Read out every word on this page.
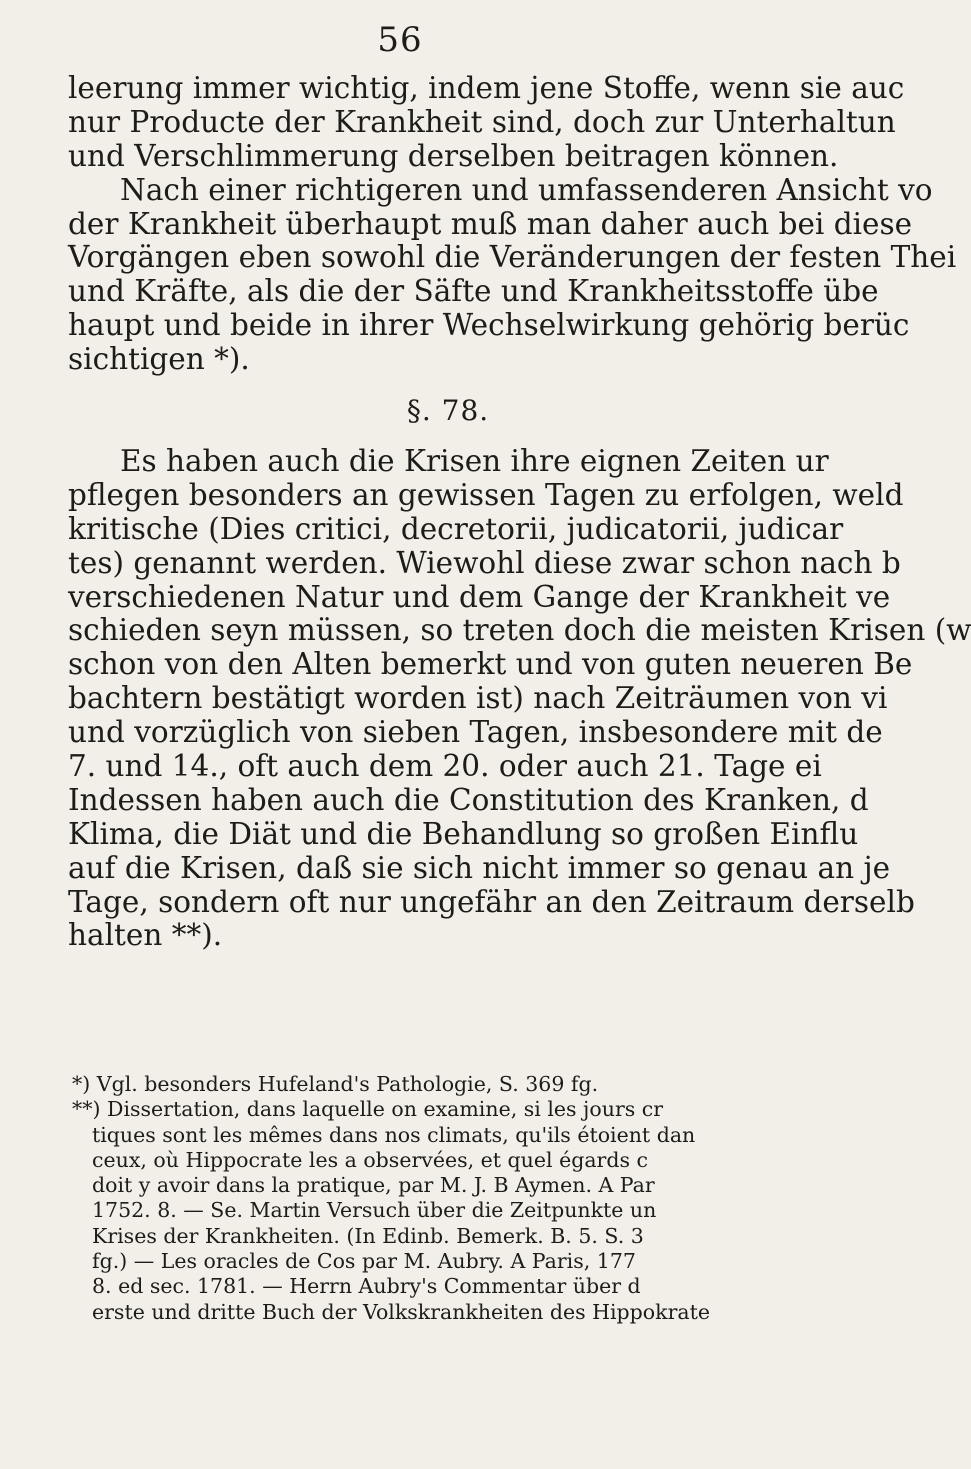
56
leerung immer wichtig, indem jene Stoffe, wenn sie auc
nur Producte der Krankheit sind, doch zur Unterhaltun
und Verschlimmerung derselben beitragen können.
Nach einer richtigeren und umfassenderen Ansicht vo
der Krankheit überhaupt muß man daher auch bei diese
Vorgängen eben sowohl die Veränderungen der festen Thei
und Kräfte, als die der Säfte und Krankheitsstoffe übe
haupt und beide in ihrer Wechselwirkung gehörig berüc
sichtigen *).
§. 78.
Es haben auch die Krisen ihre eignen Zeiten ur
pflegen besonders an gewissen Tagen zu erfolgen, weld
kritische (Dies critici, decretorii, judicatorii, judicar
tes) genannt werden. Wiewohl diese zwar schon nach b
verschiedenen Natur und dem Gange der Krankheit ve
schieden seyn müssen, so treten doch die meisten Krisen (w
schon von den Alten bemerkt und von guten neueren Be
bachtern bestätigt worden ist) nach Zeiträumen von vi
und vorzüglich von sieben Tagen, insbesondere mit de
7. und 14., oft auch dem 20. oder auch 21. Tage ei
Indessen haben auch die Constitution des Kranken, d
Klima, die Diät und die Behandlung so großen Einflu
auf die Krisen, daß sie sich nicht immer so genau an je
Tage, sondern oft nur ungefähr an den Zeitraum derselb
halten **).
*) Vgl. besonders Hufeland's Pathologie, S. 369 fg.
**) Dissertation, dans laquelle on examine, si les jours cr
tiques sont les mêmes dans nos climats, qu'ils étoient dan
ceux, où Hippocrate les a observées, et quel égards c
doit y avoir dans la pratique, par M. J. B Aymen. A Par
1752. 8. — Se. Martin Versuch über die Zeitpunkte un
Krises der Krankheiten. (In Edinb. Bemerk. B. 5. S. 3
fg.) — Les oracles de Cos par M. Aubry. A Paris, 177
8. ed sec. 1781. — Herrn Aubry's Commentar über d
erste und dritte Buch der Volkskrankheiten des Hippokrate
